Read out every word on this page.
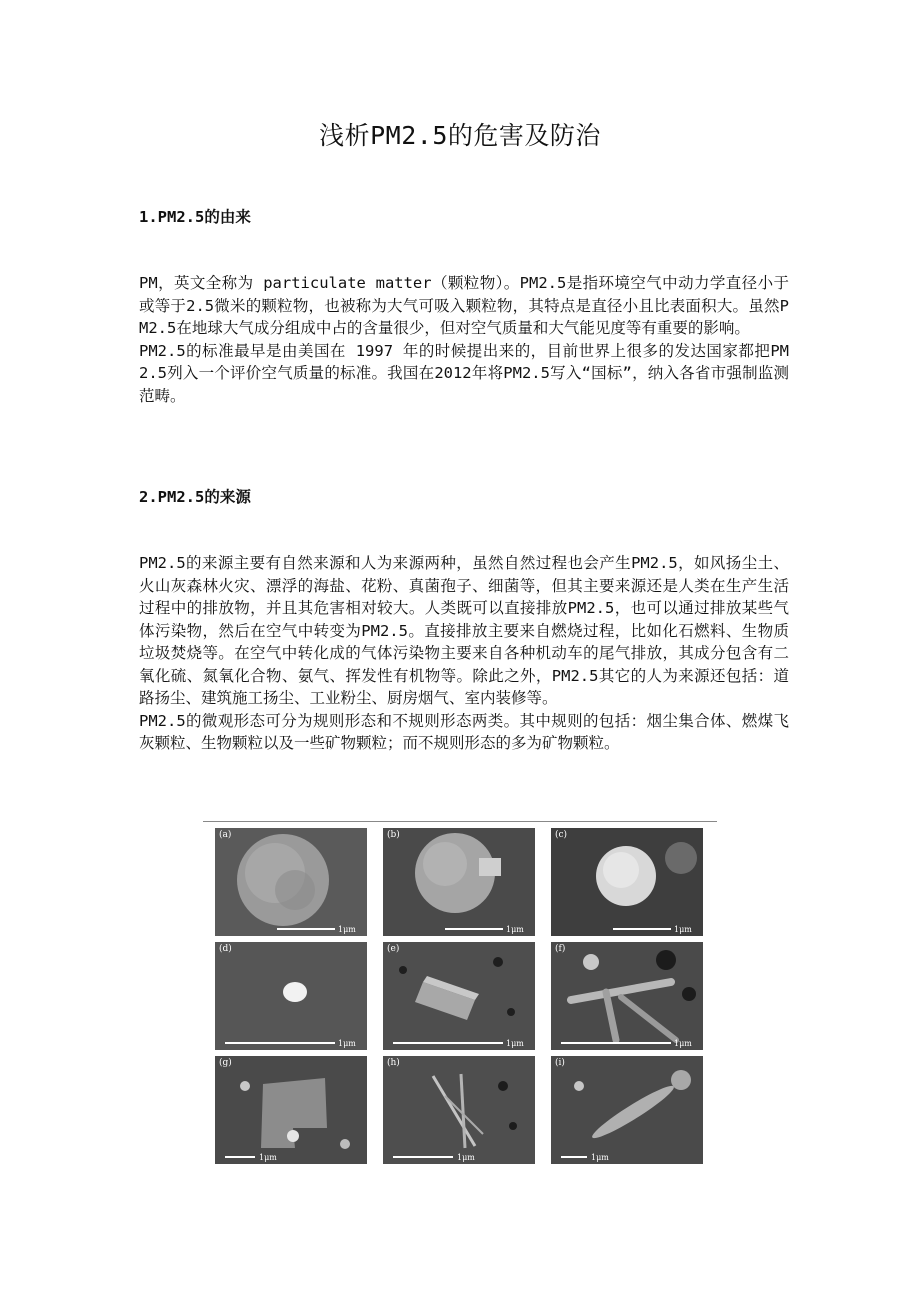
浅析PM2.5的危害及防治
1.PM2.5的由来

PM，英文全称为 particulate matter（颗粒物）。PM2.5是指环境空气中动力学直径小于或等于2.5微米的颗粒物，也被称为大气可吸入颗粒物，其特点是直径小且比表面积大。虽然PM2.5在地球大气成分组成中占的含量很少，但对空气质量和大气能见度等有重要的影响。

PM2.5的标准最早是由美国在 1997 年的时候提出来的，目前世界上很多的发达国家都把PM2.5列入一个评价空气质量的标准。我国在2012年将PM2.5写入“国标”，纳入各省市强制监测范畴。

2.PM2.5的来源

PM2.5的来源主要有自然来源和人为来源两种，虽然自然过程也会产生PM2.5，如风扬尘土、火山灰森林火灾、漂浮的海盐、花粉、真菌孢子、细菌等，但其主要来源还是人类在生产生活过程中的排放物，并且其危害相对较大。人类既可以直接排放PM2.5，也可以通过排放某些气体污染物，然后在空气中转变为PM2.5。直接排放主要来自燃烧过程，比如化石燃料、生物质垃圾焚烧等。在空气中转化成的气体污染物主要来自各种机动车的尾气排放，其成分包含有二氧化硫、氮氧化合物、氨气、挥发性有机物等。除此之外，PM2.5其它的人为来源还包括：道路扬尘、建筑施工扬尘、工业粉尘、厨房烟气、室内装修等。

PM2.5的微观形态可分为规则形态和不规则形态两类。其中规则的包括：烟尘集合体、燃煤飞灰颗粒、生物颗粒以及一些矿物颗粒；而不规则形态的多为矿物颗粒。

(a)
1μm
(b)
1μm
(c)
1μm
(d)
1μm
(e)
1μm
(f)
1μm
(g)
1μm
(h)
1μm
(i)
1μm
